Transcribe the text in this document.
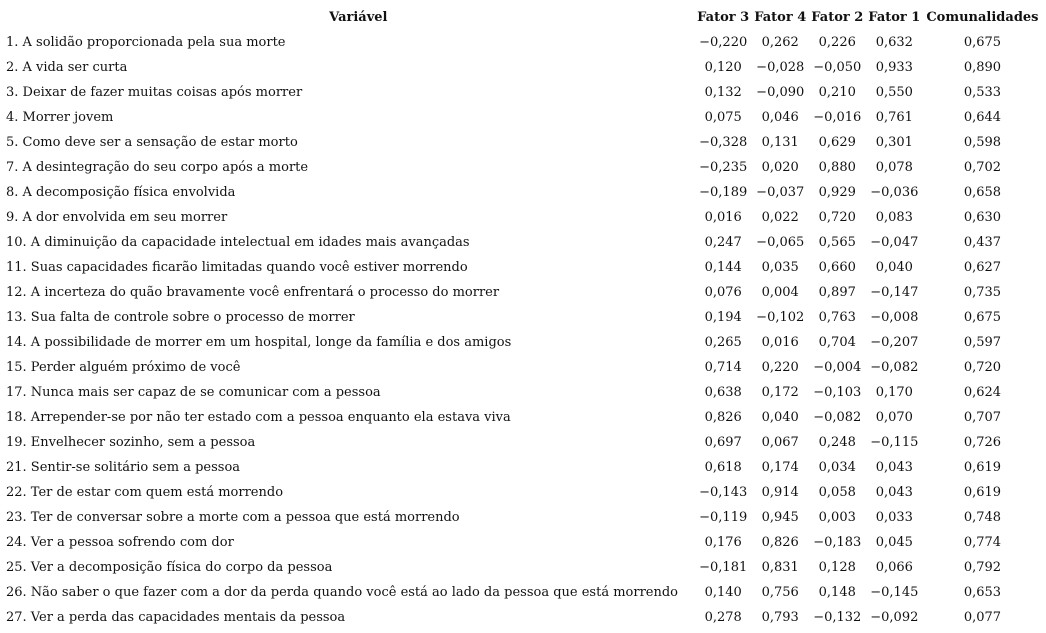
Variável	Fator 3	Fator 4	Fator 2	Fator 1	Comunalidades
1. A solidão proporcionada pela sua morte	−0,220	0,262	0,226	0,632	0,675
2. A vida ser curta	0,120	−0,028	−0,050	0,933	0,890
3. Deixar de fazer muitas coisas após morrer	0,132	−0,090	0,210	0,550	0,533
4. Morrer jovem	0,075	0,046	−0,016	0,761	0,644
5. Como deve ser a sensação de estar morto	−0,328	0,131	0,629	0,301	0,598
7. A desintegração do seu corpo após a morte	−0,235	0,020	0,880	0,078	0,702
8. A decomposição física envolvida	−0,189	−0,037	0,929	−0,036	0,658
9. A dor envolvida em seu morrer	0,016	0,022	0,720	0,083	0,630
10. A diminuição da capacidade intelectual em idades mais avançadas	0,247	−0,065	0,565	−0,047	0,437
11. Suas capacidades ficarão limitadas quando você estiver morrendo	0,144	0,035	0,660	0,040	0,627
12. A incerteza do quão bravamente você enfrentará o processo do morrer	0,076	0,004	0,897	−0,147	0,735
13. Sua falta de controle sobre o processo de morrer	0,194	−0,102	0,763	−0,008	0,675
14. A possibilidade de morrer em um hospital, longe da família e dos amigos	0,265	0,016	0,704	−0,207	0,597
15. Perder alguém próximo de você	0,714	0,220	−0,004	−0,082	0,720
17. Nunca mais ser capaz de se comunicar com a pessoa	0,638	0,172	−0,103	0,170	0,624
18. Arrepender-se por não ter estado com a pessoa enquanto ela estava viva	0,826	0,040	−0,082	0,070	0,707
19. Envelhecer sozinho, sem a pessoa	0,697	0,067	0,248	−0,115	0,726
21. Sentir-se solitário sem a pessoa	0,618	0,174	0,034	0,043	0,619
22. Ter de estar com quem está morrendo	−0,143	0,914	0,058	0,043	0,619
23. Ter de conversar sobre a morte com a pessoa que está morrendo	−0,119	0,945	0,003	0,033	0,748
24. Ver a pessoa sofrendo com dor	0,176	0,826	−0,183	0,045	0,774
25. Ver a decomposição física do corpo da pessoa	−0,181	0,831	0,128	0,066	0,792
26. Não saber o que fazer com a dor da perda quando você está ao lado da pessoa que está morrendo	0,140	0,756	0,148	−0,145	0,653
27. Ver a perda das capacidades mentais da pessoa	0,278	0,793	−0,132	−0,092	0,077
